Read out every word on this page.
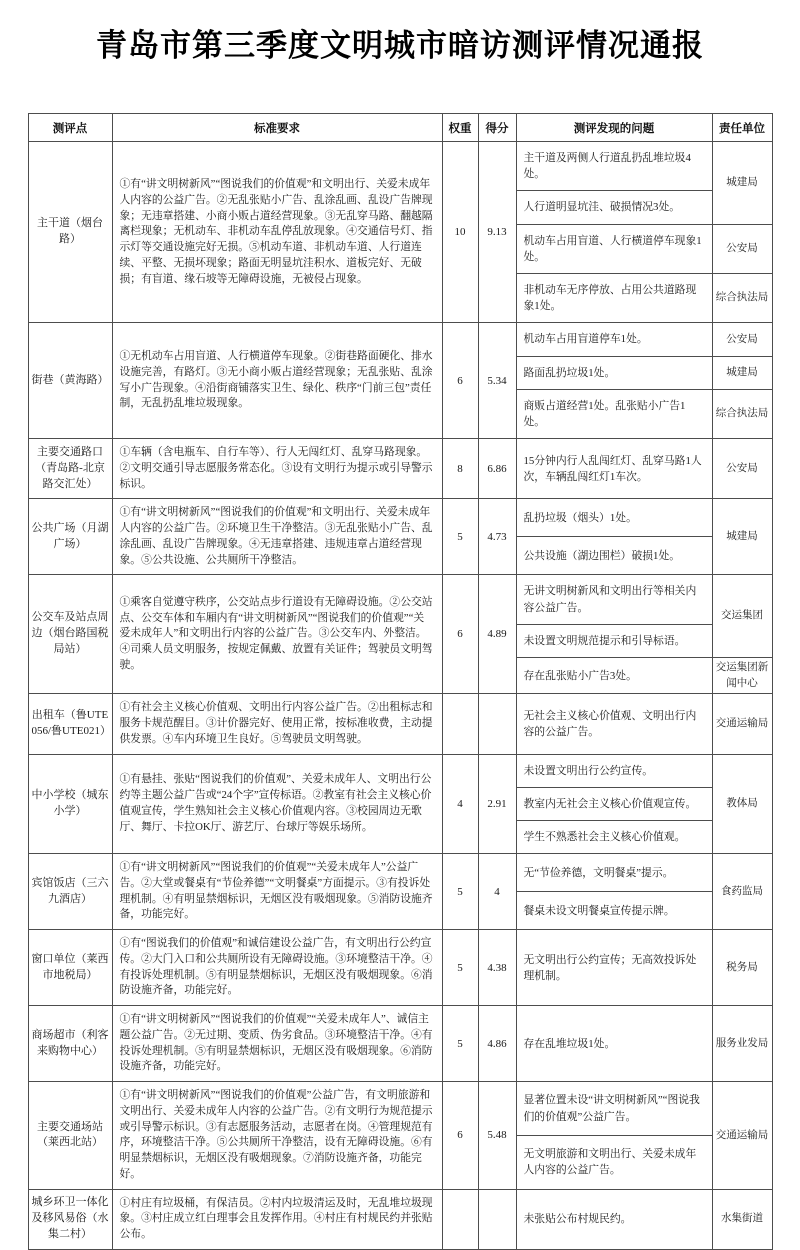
青岛市第三季度文明城市暗访测评情况通报
测评点	标准要求	权重	得分	测评发现的问题	责任单位
主干道（烟台路）	①有“讲文明树新风”“图说我们的价值观”和文明出行、关爱未成年人内容的公益广告。②无乱张贴小广告、乱涂乱画、乱设广告牌现象；无违章搭建、小商小贩占道经营现象。③无乱穿马路、翻越隔离栏现象；无机动车、非机动车乱停乱放现象。④交通信号灯、指示灯等交通设施完好无损。⑤机动车道、非机动车道、人行道连续、平整、无损坏现象；路面无明显坑洼积水、道板完好、无破损；有盲道、缘石坡等无障碍设施，无被侵占现象。	10	9.13	主干道及两侧人行道乱扔乱堆垃圾4处。	城建局
				人行道明显坑洼、破损情况3处。	
				机动车占用盲道、人行横道停车现象1处。	公安局
				非机动车无序停放、占用公共道路现象1处。	综合执法局
街巷（黄海路）	①无机动车占用盲道、人行横道停车现象。②街巷路面硬化、排水设施完善，有路灯。③无小商小贩占道经营现象；无乱张贴、乱涂写小广告现象。④沿街商铺落实卫生、绿化、秩序“门前三包”责任制，无乱扔乱堆垃圾现象。	6	5.34	机动车占用盲道停车1处。	公安局
				路面乱扔垃圾1处。	城建局
				商贩占道经营1处。乱张贴小广告1处。	综合执法局
主要交通路口（青岛路-北京路交汇处）	①车辆（含电瓶车、自行车等）、行人无闯红灯、乱穿马路现象。②文明交通引导志愿服务常态化。③设有文明行为提示或引导警示标识。	8	6.86	15分钟内行人乱闯红灯、乱穿马路1人次，车辆乱闯红灯1车次。	公安局
公共广场（月湖广场）	①有“讲文明树新风”“图说我们的价值观”和文明出行、关爱未成年人内容的公益广告。②环境卫生干净整洁。③无乱张贴小广告、乱涂乱画、乱设广告牌现象。④无违章搭建、违规违章占道经营现象。⑤公共设施、公共厕所干净整洁。	5	4.73	乱扔垃圾（烟头）1处。	城建局
				公共设施（湖边围栏）破损1处。	
公交车及站点周边（烟台路国税局站）	①乘客自觉遵守秩序，公交站点步行道设有无障碍设施。②公交站点、公交车体和车厢内有“讲文明树新风”“图说我们的价值观”“关爱未成年人”和文明出行内容的公益广告。③公交车内、外整洁。④司乘人员文明服务，按规定佩戴、放置有关证件；驾驶员文明驾驶。	6	4.89	无讲文明树新风和文明出行等相关内容公益广告。	交运集团
				未设置文明规范提示和引导标语。	
				存在乱张贴小广告3处。	交运集团新闻中心
出租车（鲁UTE056/鲁UTE021）	①有社会主义核心价值观、文明出行内容公益广告。②出租标志和服务卡规范醒目。③计价器完好、使用正常，按标准收费，主动提供发票。④车内环境卫生良好。⑤驾驶员文明驾驶。			无社会主义核心价值观、文明出行内容的公益广告。	交通运输局
中小学校（城东小学）	①有悬挂、张贴“图说我们的价值观”、关爱未成年人、文明出行公约等主题公益广告或“24个字”宣传标语。②教室有社会主义核心价值观宣传，学生熟知社会主义核心价值观内容。③校园周边无歌厅、舞厅、卡拉OK厅、游艺厅、台球厅等娱乐场所。	4	2.91	未设置文明出行公约宣传。	教体局
				教室内无社会主义核心价值观宣传。	
				学生不熟悉社会主义核心价值观。	
宾馆饭店（三六九酒店）	①有“讲文明树新风”“图说我们的价值观”“关爱未成年人”公益广告。②大堂或餐桌有“节俭养德”“文明餐桌”方面提示。③有投诉处理机制。④有明显禁烟标识，无烟区没有吸烟现象。⑤消防设施齐备，功能完好。	5	4	无“节俭养德，文明餐桌”提示。	食药监局
				餐桌未设文明餐桌宣传提示牌。	
窗口单位（莱西市地税局）	①有“图说我们的价值观”和诚信建设公益广告，有文明出行公约宣传。②大门入口和公共厕所设有无障碍设施。③环境整洁干净。④有投诉处理机制。⑤有明显禁烟标识，无烟区没有吸烟现象。⑥消防设施齐备，功能完好。	5	4.38	无文明出行公约宣传；无高效投诉处理机制。	税务局
商场超市（利客来购物中心）	①有“讲文明树新风”“图说我们的价值观”“关爱未成年人”、诚信主题公益广告。②无过期、变质、伪劣食品。③环境整洁干净。④有投诉处理机制。⑤有明显禁烟标识，无烟区没有吸烟现象。⑥消防设施齐备，功能完好。	5	4.86	存在乱堆垃圾1处。	服务业发局
主要交通场站（莱西北站）	①有“讲文明树新风”“图说我们的价值观”公益广告，有文明旅游和文明出行、关爱未成年人内容的公益广告。②有文明行为规范提示或引导警示标识。③有志愿服务活动，志愿者在岗。④管理规范有序，环境整洁干净。⑤公共厕所干净整洁，设有无障碍设施。⑥有明显禁烟标识，无烟区没有吸烟现象。⑦消防设施齐备，功能完好。	6	5.48	显著位置未设“讲文明树新风”“图说我们的价值观”公益广告。	交通运输局
				无文明旅游和文明出行、关爱未成年人内容的公益广告。	
城乡环卫一体化及移风易俗（水集二村）	①村庄有垃圾桶，有保洁员。②村内垃圾清运及时，无乱堆垃圾现象。③村庄成立红白理事会且发挥作用。④村庄有村规民约并张贴公布。			未张贴公布村规民约。	水集街道
